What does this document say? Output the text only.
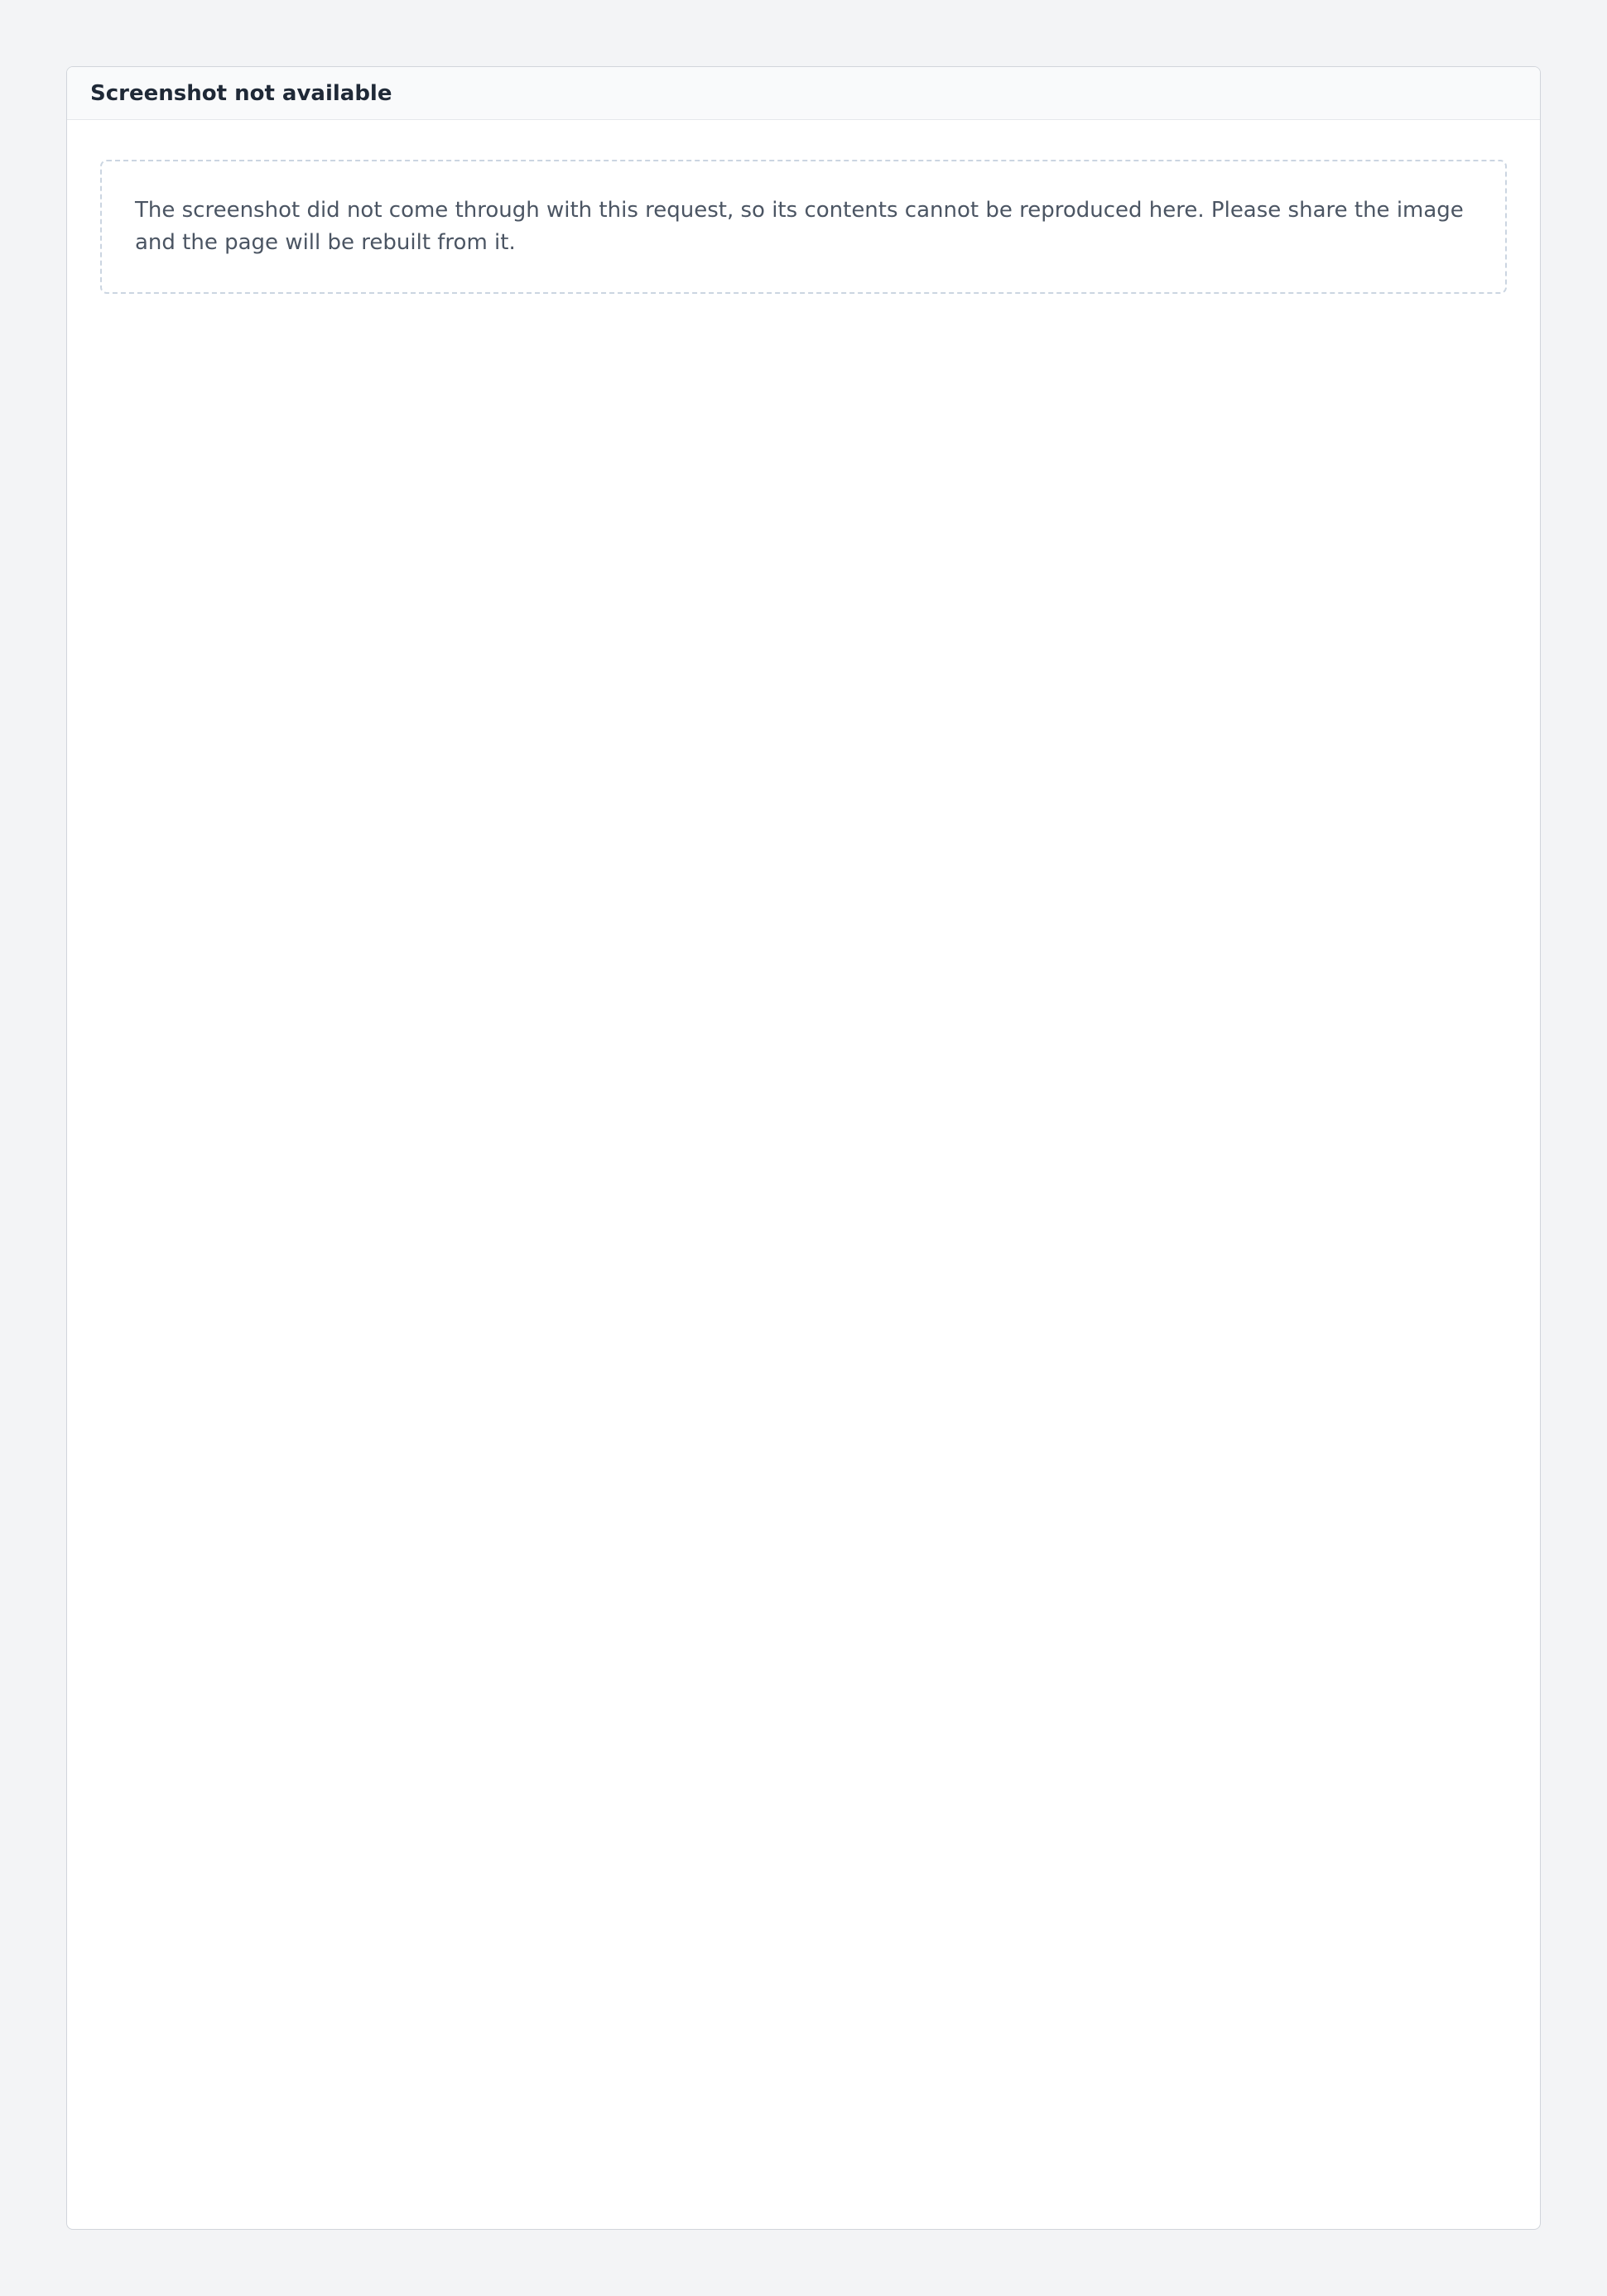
Screenshot not available
The screenshot did not come through with this request, so its contents cannot be reproduced here. Please share the image and the page will be rebuilt from it.
